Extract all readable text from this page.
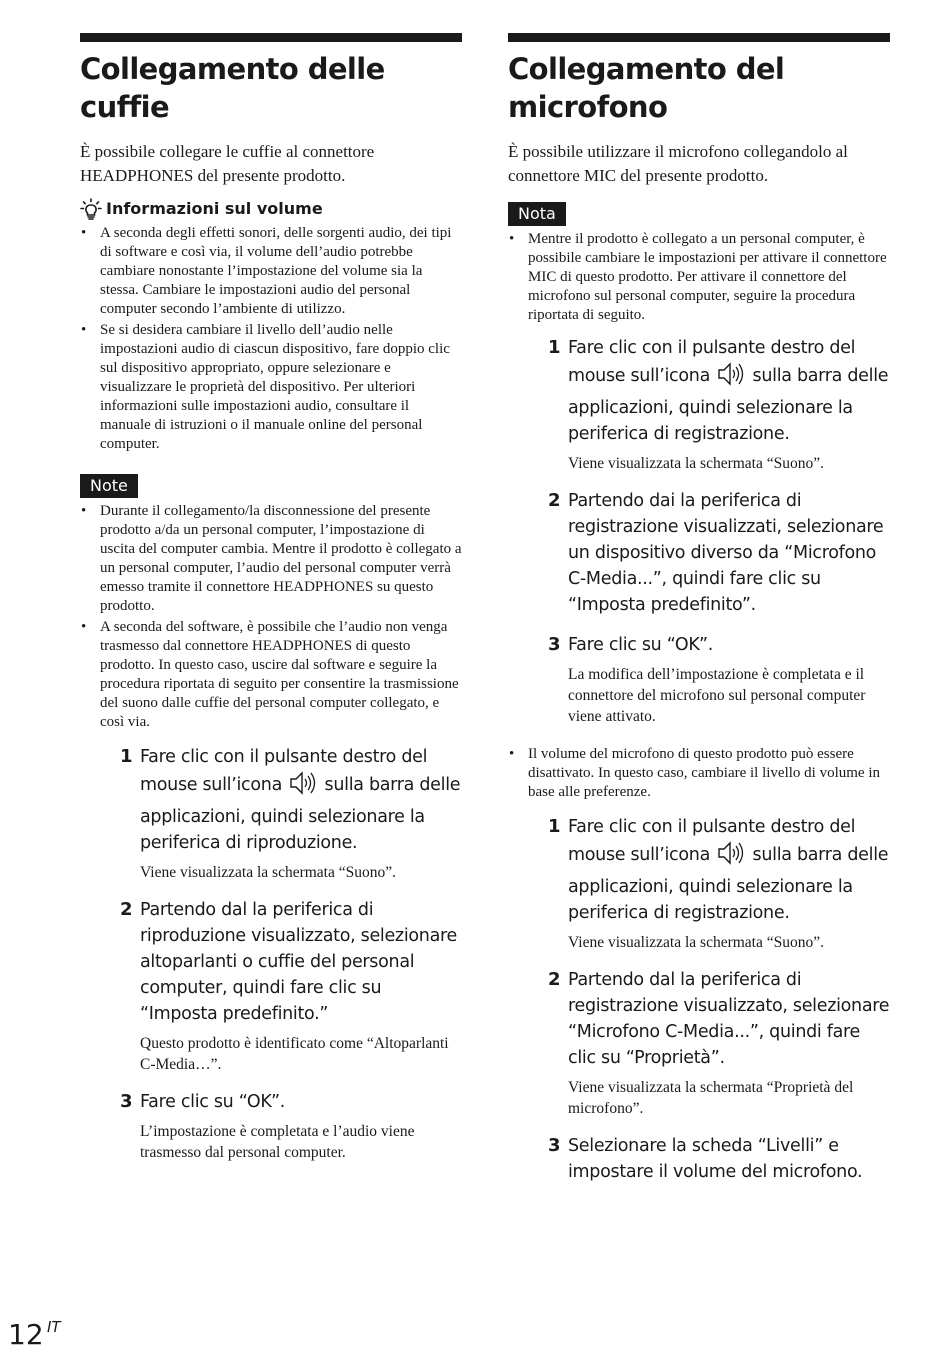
Collegamento delle cuffie

È possibile collegare le cuffie al connettore HEADPHONES del presente prodotto.

Informazioni sul volume
• A seconda degli effetti sonori, delle sorgenti audio, dei tipi di software e così via, il volume dell’audio potrebbe cambiare nonostante l’impostazione del volume sia la stessa. Cambiare le impostazioni audio del personal computer secondo l’ambiente di utilizzo.
• Se si desidera cambiare il livello dell’audio nelle impostazioni audio di ciascun dispositivo, fare doppio clic sul dispositivo appropriato, oppure selezionare e visualizzare le proprietà del dispositivo. Per ulteriori informazioni sulle impostazioni audio, consultare il manuale di istruzioni o il manuale online del personal computer.
Note
• Durante il collegamento/la disconnessione del presente prodotto a/da un personal computer, l’impostazione di uscita del computer cambia. Mentre il prodotto è collegato a un personal computer, l’audio del personal computer verrà emesso tramite il connettore HEADPHONES su questo prodotto.
• A seconda del software, è possibile che l’audio non venga trasmesso dal connettore HEADPHONES di questo prodotto. In questo caso, uscire dal software e seguire la procedura riportata di seguito per consentire la trasmissione del suono dalle cuffie del personal computer collegato, e così via.
1 Fare clic con il pulsante destro del mouse sull’icona sulla barra delle applicazioni, quindi selezionare la periferica di riproduzione.
Viene visualizzata la schermata “Suono”.
2 Partendo dal la periferica di riproduzione visualizzato, selezionare altoparlanti o cuffie del personal computer, quindi fare clic su “Imposta predefinito.”
Questo prodotto è identificato come “Altoparlanti C-Media…”.
3 Fare clic su “OK”.
L’impostazione è completata e l’audio viene trasmesso dal personal computer.
Collegamento del
microfono

È possibile utilizzare il microfono collegandolo al connettore MIC del presente prodotto.

Nota
• Mentre il prodotto è collegato a un personal computer, è possibile cambiare le impostazioni per attivare il connettore MIC di questo prodotto. Per attivare il connettore del microfono sul personal computer, seguire la procedura riportata di seguito.
1 Fare clic con il pulsante destro del mouse sull’icona sulla barra delle applicazioni, quindi selezionare la periferica di registrazione.
Viene visualizzata la schermata “Suono”.
2 Partendo dai la periferica di registrazione visualizzati, selezionare un dispositivo diverso da “Microfono C-Media...”, quindi fare clic su “Imposta predefinito”.
3 Fare clic su “OK”.
La modifica dell’impostazione è completata e il connettore del microfono sul personal computer viene attivato.
• Il volume del microfono di questo prodotto può essere disattivato. In questo caso, cambiare il livello di volume in base alle preferenze.
1 Fare clic con il pulsante destro del mouse sull’icona sulla barra delle applicazioni, quindi selezionare la periferica di registrazione.
Viene visualizzata la schermata “Suono”.
2 Partendo dal la periferica di registrazione visualizzato, selezionare “Microfono C-Media...”, quindi fare clic su “Proprietà”.
Viene visualizzata la schermata “Proprietà del microfono”.
3 Selezionare la scheda “Livelli” e impostare il volume del microfono.
12 IT
